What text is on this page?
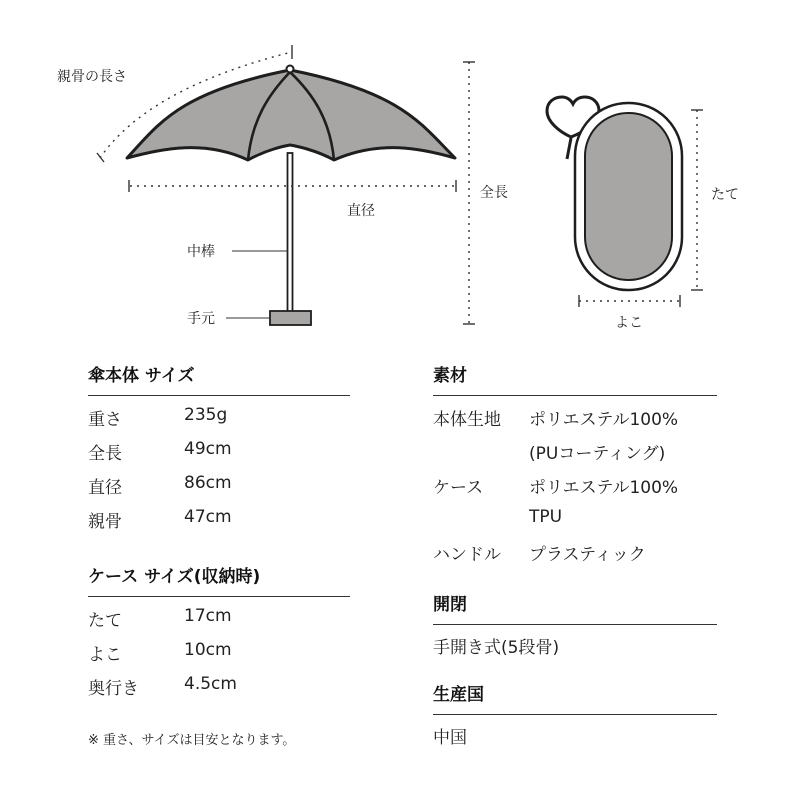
親骨の長さ
全長
直径
中棒
手元
たて
よこ
傘本体 サイズ
重さ	235g
全長	49cm
直径	86cm
親骨	47cm
ケース サイズ(収納時)
たて	17cm
よこ	10cm
奥行き	4.5cm
※ 重さ、サイズは目安となります。
素材
本体生地 ポリエステル100%
(PUコーティング)
ケース	ポリエステル100%
TPU
ハンドル プラスティック
開閉
手開き式(5段骨)
生産国
中国
